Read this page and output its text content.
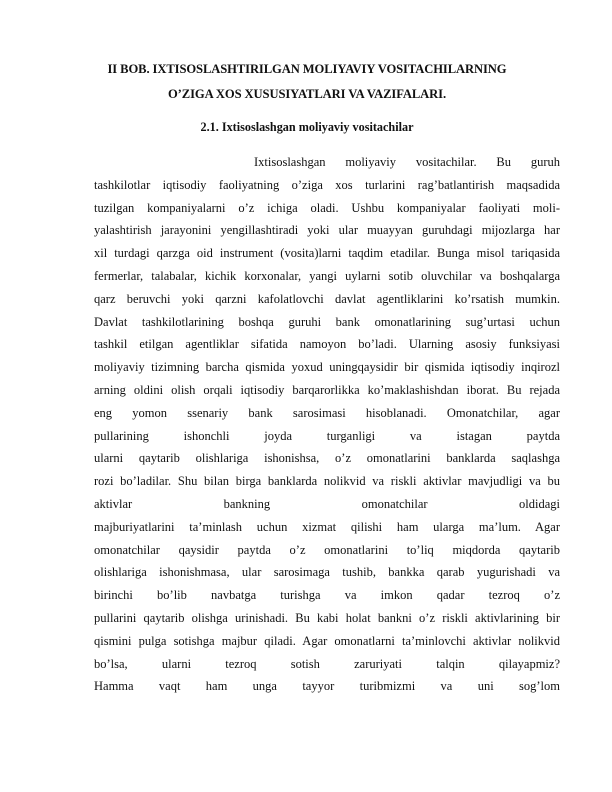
II BOB. IXTISOSLASHTIRILGAN MOLIYAVIY VOSITACHILARNING
O’ZIGA XOS XUSUSIYATLARI VA VAZIFALARI.
2.1. Ixtisoslashgan moliyaviy vositachilar
Ixtisoslashgan moliyaviy vositachilar. Bu guruh
tashkilotlar iqtisodiy faoliyatning o’ziga xos turlarini rag’batlantirish maqsadida
tuzilgan kompaniyalarni o’z ichiga oladi. Ushbu kompaniyalar faoliyati moli-
yalashtirish jarayonini yengillashtiradi yoki ular muayyan guruhdagi mijozlarga har
xil turdagi qarzga oid instrument (vosita)larni taqdim etadilar. Bunga misol tariqasida
fermerlar, talabalar, kichik korxonalar, yangi uylarni sotib oluvchilar va boshqalarga
qarz beruvchi yoki qarzni kafolatlovchi davlat agentliklarini ko’rsatish mumkin.
Davlat tashkilotlarining boshqa guruhi bank omonatlarining sug’urtasi uchun
tashkil etilgan agentliklar sifatida namoyon bo’ladi. Ularning asosiy funksiyasi
moliyaviy tizimning barcha qismida yoxud uningqaysidir bir qismida iqtisodiy inqirozl
arning oldini olish orqali iqtisodiy barqarorlikka ko’maklashishdan iborat. Bu rejada
eng yomon ssenariy bank sarosimasi hisoblanadi. Omonatchilar, agar
pullarining ishonchli joyda turganligi va istagan paytda
ularni qaytarib olishlariga ishonishsa, o’z omonatlarini banklarda saqlashga
rozi bo’ladilar. Shu bilan birga banklarda nolikvid va riskli aktivlar mavjudligi va bu
aktivlar bankning omonatchilar oldidagi
majburiyatlarini ta’minlash uchun xizmat qilishi ham ularga ma’lum. Agar
omonatchilar qaysidir paytda o’z omonatlarini to’liq miqdorda qaytarib
olishlariga ishonishmasa, ular sarosimaga tushib, bankka qarab yugurishadi va
birinchi bo’lib navbatga turishga va imkon qadar tezroq o’z
pullarini qaytarib olishga urinishadi. Bu kabi holat bankni o’z riskli aktivlarining bir
qismini pulga sotishga majbur qiladi. Agar omonatlarni ta’minlovchi aktivlar nolikvid
bo’lsa, ularni tezroq sotish zaruriyati talqin qilayapmiz?
Hamma vaqt ham unga tayyor turibmizmi va uni sog’lom
